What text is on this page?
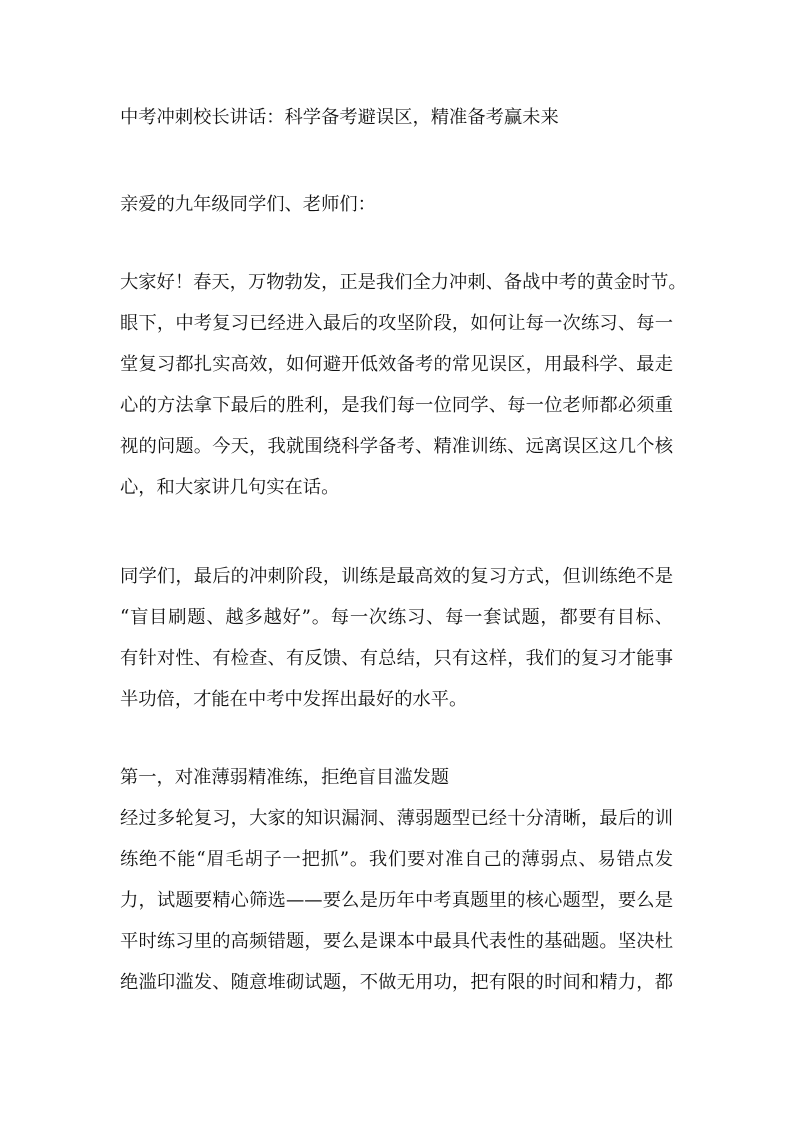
中考冲刺校长讲话：科学备考避误区，精准备考赢未来
亲爱的九年级同学们、老师们：
大家好！春天，万物勃发，正是我们全力冲刺、备战中考的黄金时节。
眼下，中考复习已经进入最后的攻坚阶段，如何让每一次练习、每一
堂复习都扎实高效，如何避开低效备考的常见误区，用最科学、最走
心的方法拿下最后的胜利，是我们每一位同学、每一位老师都必须重
视的问题。今天，我就围绕科学备考、精准训练、远离误区这几个核
心，和大家讲几句实在话。
同学们，最后的冲刺阶段，训练是最高效的复习方式，但训练绝不是
“盲目刷题、越多越好”。每一次练习、每一套试题，都要有目标、
有针对性、有检查、有反馈、有总结，只有这样，我们的复习才能事
半功倍，才能在中考中发挥出最好的水平。
第一，对准薄弱精准练，拒绝盲目滥发题
经过多轮复习，大家的知识漏洞、薄弱题型已经十分清晰，最后的训
练绝不能“眉毛胡子一把抓”。我们要对准自己的薄弱点、易错点发
力，试题要精心筛选——要么是历年中考真题里的核心题型，要么是
平时练习里的高频错题，要么是课本中最具代表性的基础题。坚决杜
绝滥印滥发、随意堆砌试题，不做无用功，把有限的时间和精力，都
